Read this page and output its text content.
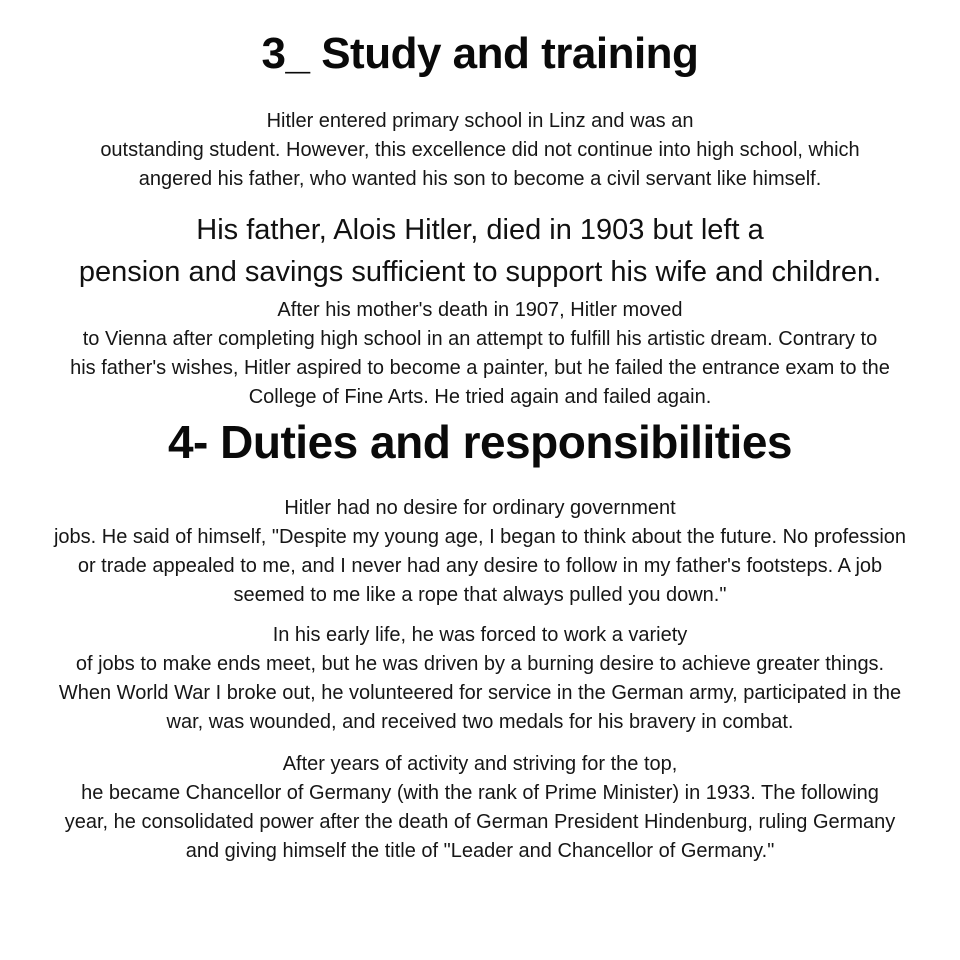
3_ Study and training

Hitler entered primary school in Linz and was an
outstanding student. However, this excellence did not continue into high school, which
angered his father, who wanted his son to become a civil servant like himself.

His father, Alois Hitler, died in 1903 but left a
pension and savings sufficient to support his wife and children.

After his mother's death in 1907, Hitler moved
to Vienna after completing high school in an attempt to fulfill his artistic dream. Contrary to
his father's wishes, Hitler aspired to become a painter, but he failed the entrance exam to the
College of Fine Arts. He tried again and failed again.

4- Duties and responsibilities

Hitler had no desire for ordinary government
jobs. He said of himself, "Despite my young age, I began to think about the future. No profession
or trade appealed to me, and I never had any desire to follow in my father's footsteps. A job
seemed to me like a rope that always pulled you down."

In his early life, he was forced to work a variety
of jobs to make ends meet, but he was driven by a burning desire to achieve greater things.
When World War I broke out, he volunteered for service in the German army, participated in the
war, was wounded, and received two medals for his bravery in combat.

After years of activity and striving for the top,
he became Chancellor of Germany (with the rank of Prime Minister) in 1933. The following
year, he consolidated power after the death of German President Hindenburg, ruling Germany
and giving himself the title of "Leader and Chancellor of Germany."
